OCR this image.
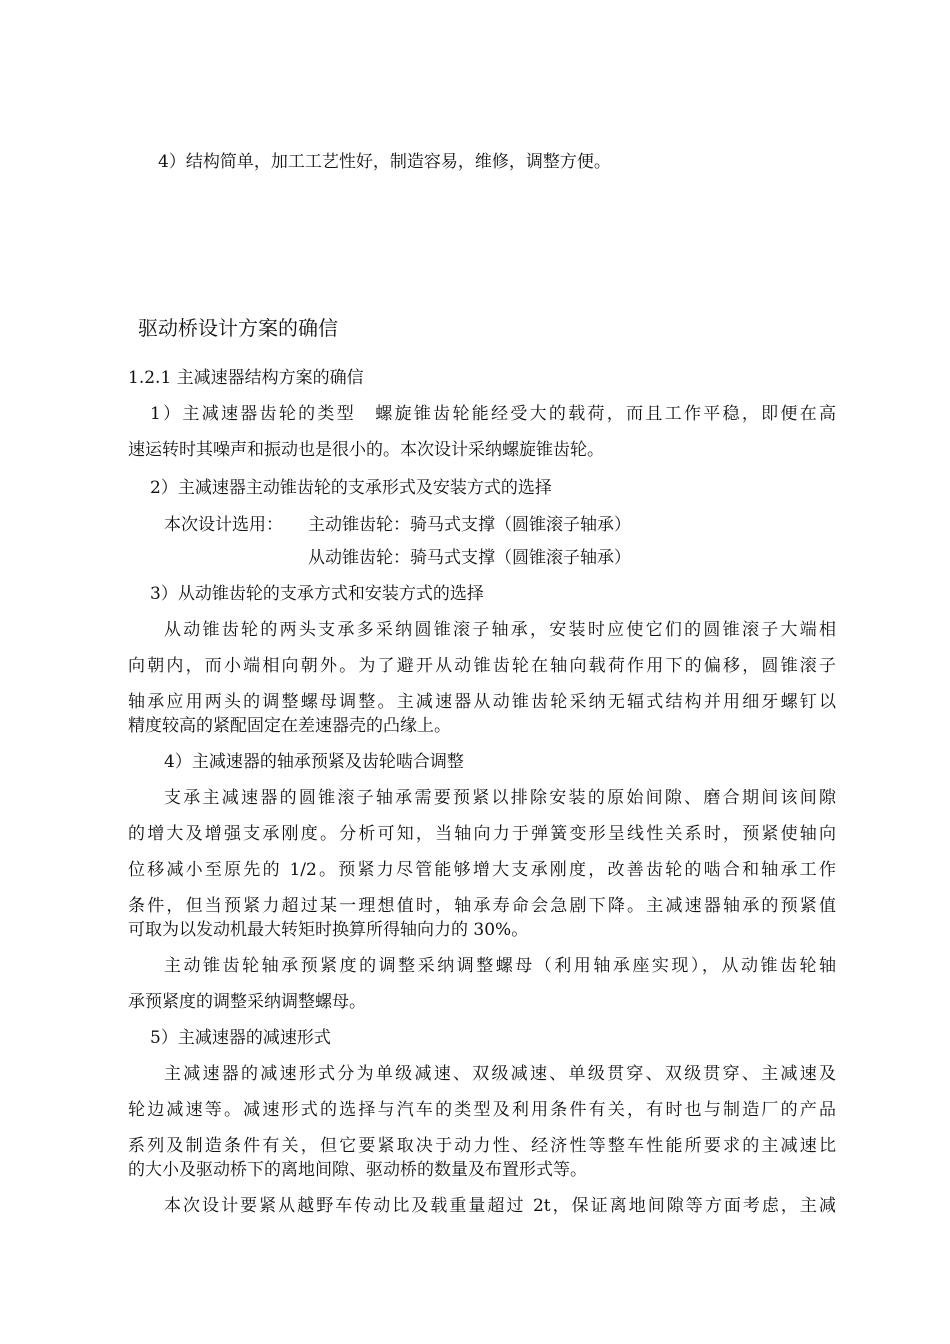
4）结构简单，加工工艺性好，制造容易，维修，调整方便。
驱动桥设计方案的确信
1.2.1 主减速器结构方案的确信
1）主减速器齿轮的类型　螺旋锥齿轮能经受大的载荷，而且工作平稳，即便在高
速运转时其噪声和振动也是很小的。本次设计采纳螺旋锥齿轮。
2）主减速器主动锥齿轮的支承形式及安装方式的选择
本次设计选用： 主动锥齿轮：骑马式支撑（圆锥滚子轴承）
从动锥齿轮：骑马式支撑（圆锥滚子轴承）
3）从动锥齿轮的支承方式和安装方式的选择
从动锥齿轮的两头支承多采纳圆锥滚子轴承，安装时应使它们的圆锥滚子大端相
向朝内，而小端相向朝外。为了避开从动锥齿轮在轴向载荷作用下的偏移，圆锥滚子
轴承应用两头的调整螺母调整。主减速器从动锥齿轮采纳无辐式结构并用细牙螺钉以
精度较高的紧配固定在差速器壳的凸缘上。
4）主减速器的轴承预紧及齿轮啮合调整
支承主减速器的圆锥滚子轴承需要预紧以排除安装的原始间隙、磨合期间该间隙
的增大及增强支承刚度。分析可知，当轴向力于弹簧变形呈线性关系时，预紧使轴向
位移减小至原先的 1/2。预紧力尽管能够增大支承刚度，改善齿轮的啮合和轴承工作
条件，但当预紧力超过某一理想值时，轴承寿命会急剧下降。主减速器轴承的预紧值
可取为以发动机最大转矩时换算所得轴向力的 30%。
主动锥齿轮轴承预紧度的调整采纳调整螺母（利用轴承座实现），从动锥齿轮轴
承预紧度的调整采纳调整螺母。
5）主减速器的减速形式
主减速器的减速形式分为单级减速、双级减速、单级贯穿、双级贯穿、主减速及
轮边减速等。减速形式的选择与汽车的类型及利用条件有关，有时也与制造厂的产品
系列及制造条件有关，但它要紧取决于动力性、经济性等整车性能所要求的主减速比
的大小及驱动桥下的离地间隙、驱动桥的数量及布置形式等。
本次设计要紧从越野车传动比及载重量超过 2t，保证离地间隙等方面考虑，主减
